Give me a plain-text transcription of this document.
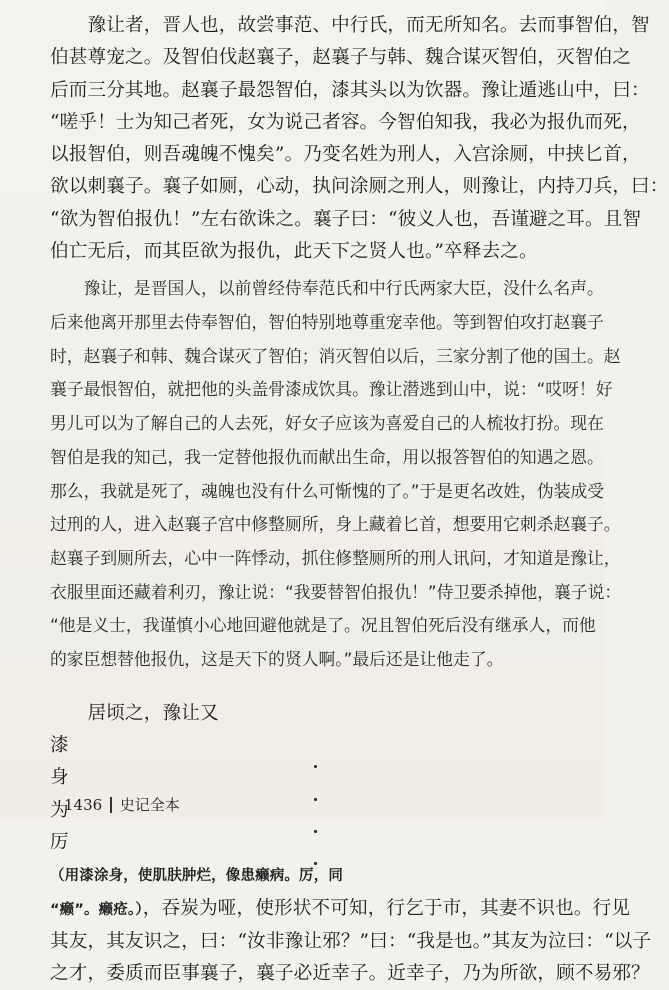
　　豫让者，晋人也，故尝事范、中行氏，而无所知名。去而事智伯，智
伯甚尊宠之。及智伯伐赵襄子，赵襄子与韩、魏合谋灭智伯，灭智伯之
后而三分其地。赵襄子最怨智伯，漆其头以为饮器。豫让遁逃山中，曰：
“嗟乎！士为知己者死，女为说己者容。今智伯知我，我必为报仇而死，
以报智伯，则吾魂魄不愧矣”。乃变名姓为刑人，入宫涂厕，中挟匕首，
欲以刺襄子。襄子如厕，心动，执问涂厕之刑人，则豫让，内持刀兵，曰：
“欲为智伯报仇！”左右欲诛之。襄子曰：“彼义人也，吾谨避之耳。且智
伯亡无后，而其臣欲为报仇，此天下之贤人也。”卒释去之。
　　豫让，是晋国人，以前曾经侍奉范氏和中行氏两家大臣，没什么名声。
后来他离开那里去侍奉智伯，智伯特别地尊重宠幸他。等到智伯攻打赵襄子
时，赵襄子和韩、魏合谋灭了智伯；消灭智伯以后，三家分割了他的国土。赵
襄子最恨智伯，就把他的头盖骨漆成饮具。豫让潜逃到山中，说：“哎呀！好
男儿可以为了解自己的人去死，好女子应该为喜爱自己的人梳妆打扮。现在
智伯是我的知己，我一定替他报仇而献出生命，用以报答智伯的知遇之恩。
那么，我就是死了，魂魄也没有什么可惭愧的了。”于是更名改姓，伪装成受
过刑的人，进入赵襄子宫中修整厕所，身上藏着匕首，想要用它刺杀赵襄子。
赵襄子到厕所去，心中一阵悸动，抓住修整厕所的刑人讯问，才知道是豫让，
衣服里面还藏着利刃，豫让说：“我要替智伯报仇！”侍卫要杀掉他，襄子说：
“他是义士，我谨慎小心地回避他就是了。况且智伯死后没有继承人，而他
的家臣想替他报仇，这是天下的贤人啊。”最后还是让他走了。
　　居顷之，豫让又
漆
身
为
厉
（用漆涂身，使肌肤肿烂，像患癞病。厉，同
“癞”。癞疮。），吞炭为哑，使形状不可知，行乞于市，其妻不识也。行见
其友，其友识之，曰：“汝非豫让邪？”曰：“我是也。”其友为泣曰：“以子
之才，委质而臣事襄子，襄子必近幸子。近幸子，乃为所欲，顾不易邪？
1436 史记全本
